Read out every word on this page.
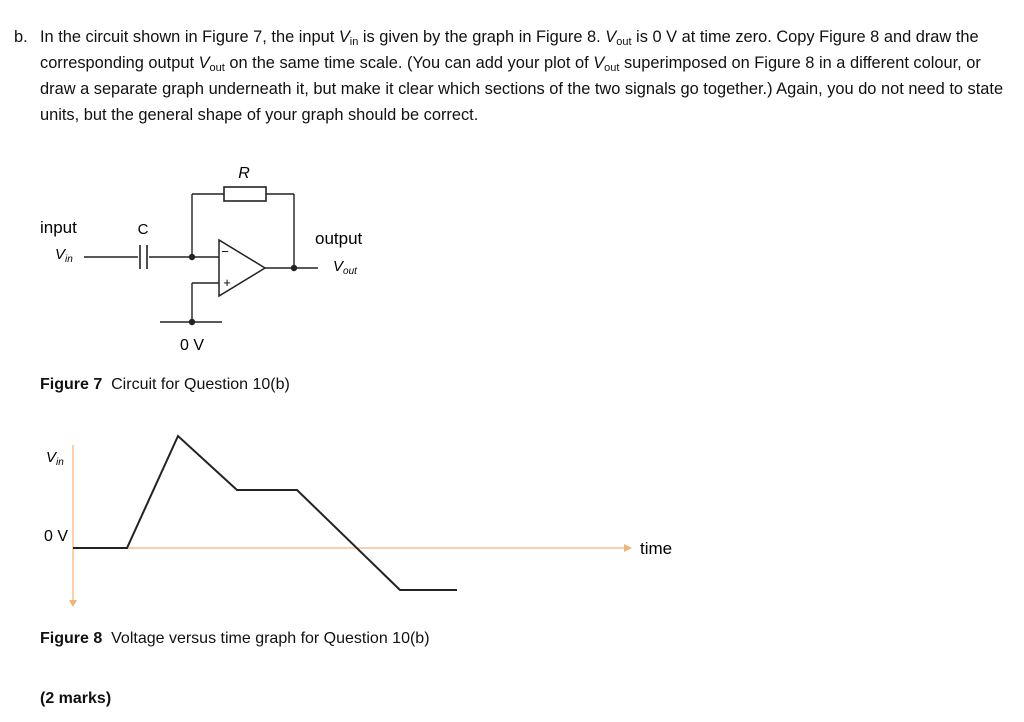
b. In the circuit shown in Figure 7, the input $V_{in}$ is given by the graph in Figure 8. $V_{out}$ is 0 V at time zero. Copy Figure 8 and draw the corresponding output $V_{out}$ on the same time scale. (You can add your plot of $V_{out}$ superimposed on Figure 8 in a different colour, or draw a separate graph underneath it, but make it clear which sections of the two signals go together.) Again, you do not need to state units, but the general shape of your graph should be correct.
R
C
input
$V_{in}$
output
$V_{out}$
−
+
0 V
Figure 7 Circuit for Question 10(b)
$V_{in}$
0 V
time
Figure 8 Voltage versus time graph for Question 10(b)
(2 marks)
